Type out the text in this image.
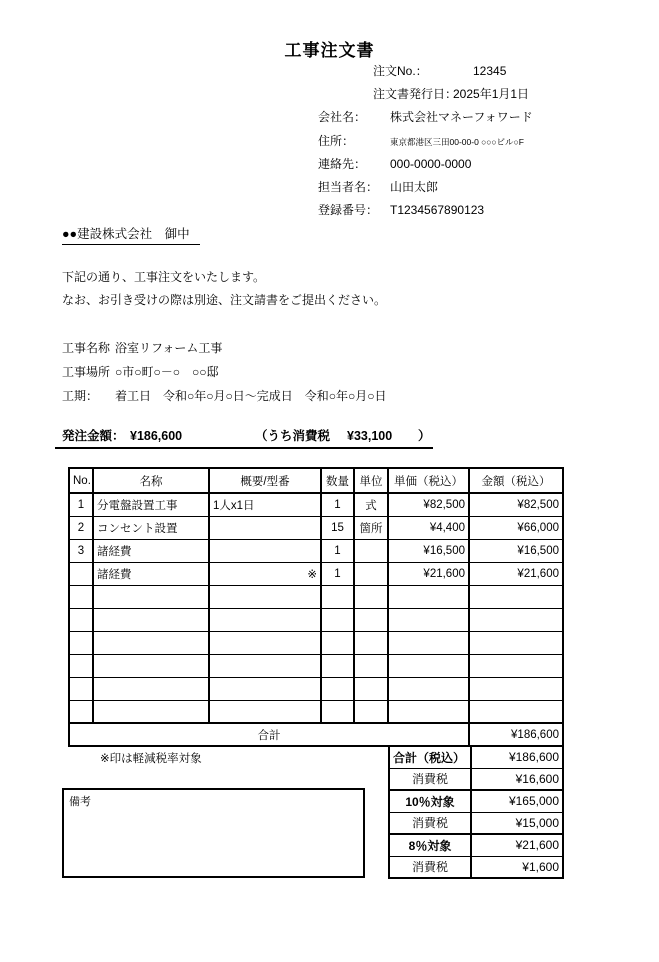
工事注文書
注文No.：	12345
注文書発行日：2025年1月1日
会社名： 株式会社マネーフォワード
住所：	東京都港区三田00-00-0 ○○○ビル○F
連絡先： 000-0000-0000
担当者名： 山田太郎
登録番号： T1234567890123
●●建設株式会社　御中
下記の通り、工事注文をいたします。
なお、お引き受けの際は別途、注文請書をご提出ください。
工事名称 浴室リフォーム工事
工事場所 ○市○町○－○　○○邸
工期： 着工日　令和○年○月○日～完成日　令和○年○月○日
発注金額： ¥186,600	（うち消費税 ¥33,100 ）
No.	名称	概要/型番	数量	単位	単価（税込）	金額（税込）
1	分電盤設置工事	1人x1日	1	式	¥82,500	¥82,500
2	コンセント設置		15	箇所	¥4,400	¥66,000
3	諸経費		1		¥16,500	¥16,500
	諸経費	※	1		¥21,600	¥21,600

合計						¥186,600
※印は軽減税率対象	合計（税込）	¥186,600
消費税	¥16,600
10％対象	¥165,000
消費税	¥15,000
8％対象	¥21,600
消費税	¥1,600
備考
